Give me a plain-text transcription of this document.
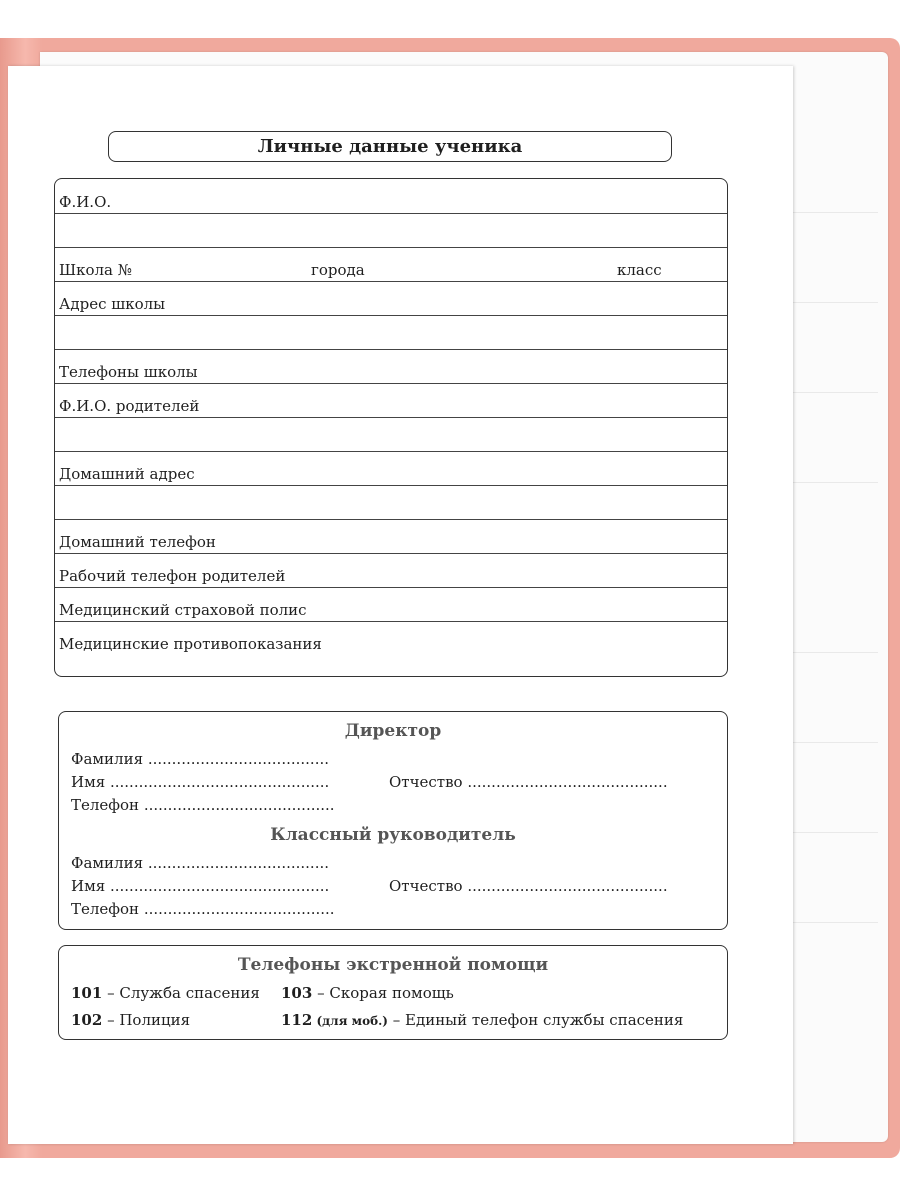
Личные данные ученика
Ф.И.О.
Школа №	города	класс
Адрес школы
Телефоны школы
Ф.И.О. родителей
Домашний адрес
Домашний телефон
Рабочий телефон родителей
Медицинский страховой полис
Медицинские противопоказания
Директор
Фамилия ......................................
Имя ..............................................	Отчество ..........................................
Телефон ........................................
Классный руководитель
Фамилия ......................................
Имя ..............................................	Отчество ..........................................
Телефон ........................................
Телефоны экстренной помощи
101 – Служба спасения 103 – Скорая помощь
102 – Полиция	112 (для моб.) – Единый телефон службы спасения
